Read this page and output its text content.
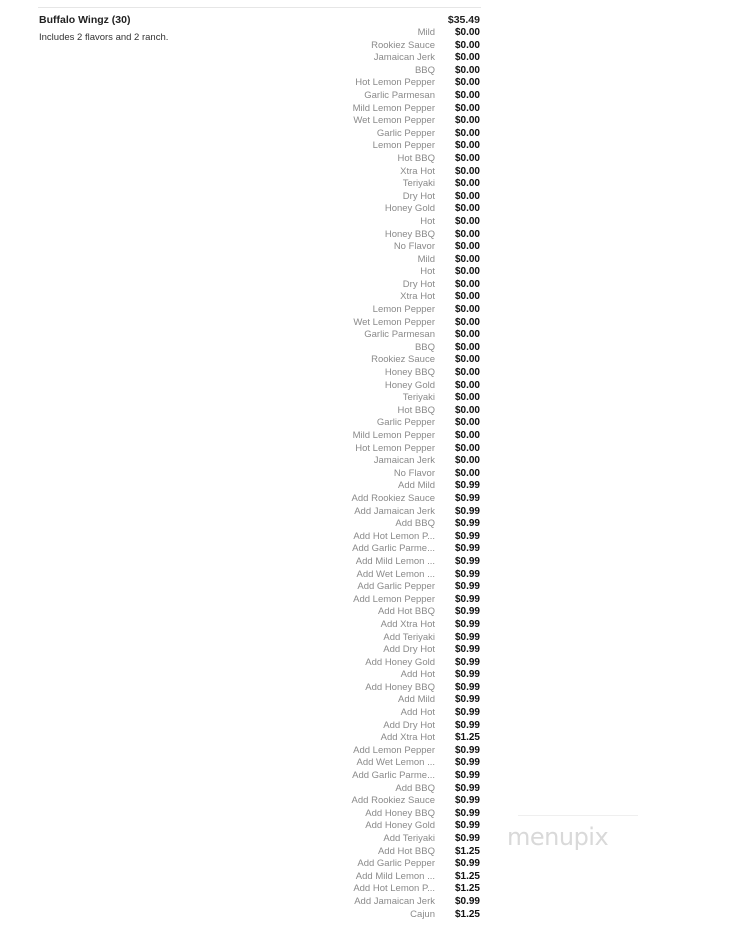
Buffalo Wingz (30)	$35.49
Includes 2 flavors and 2 ranch.	Mild	$0.00
Rookiez Sauce	$0.00
Jamaican Jerk	$0.00
BBQ	$0.00
Hot Lemon Pepper	$0.00
Garlic Parmesan	$0.00
Mild Lemon Pepper	$0.00
Wet Lemon Pepper	$0.00
Garlic Pepper	$0.00
Lemon Pepper	$0.00
Hot BBQ	$0.00
Xtra Hot	$0.00
Teriyaki	$0.00
Dry Hot	$0.00
Honey Gold	$0.00
Hot	$0.00
Honey BBQ	$0.00
No Flavor	$0.00
Mild	$0.00
Hot	$0.00
Dry Hot	$0.00
Xtra Hot	$0.00
Lemon Pepper	$0.00
Wet Lemon Pepper	$0.00
Garlic Parmesan	$0.00
BBQ	$0.00
Rookiez Sauce	$0.00
Honey BBQ	$0.00
Honey Gold	$0.00
Teriyaki	$0.00
Hot BBQ	$0.00
Garlic Pepper	$0.00
Mild Lemon Pepper	$0.00
Hot Lemon Pepper	$0.00
Jamaican Jerk	$0.00
No Flavor	$0.00
Add Mild	$0.99
Add Rookiez Sauce	$0.99
Add Jamaican Jerk	$0.99
Add BBQ	$0.99
Add Hot Lemon P...	$0.99
Add Garlic Parme...	$0.99
Add Mild Lemon ...	$0.99
Add Wet Lemon ...	$0.99
Add Garlic Pepper	$0.99
Add Lemon Pepper	$0.99
Add Hot BBQ	$0.99
Add Xtra Hot	$0.99
Add Teriyaki	$0.99
Add Dry Hot	$0.99
Add Honey Gold	$0.99
Add Hot	$0.99
Add Honey BBQ	$0.99
Add Mild	$0.99
Add Hot	$0.99
Add Dry Hot	$0.99
Add Xtra Hot	$1.25
Add Lemon Pepper	$0.99
Add Wet Lemon ...	$0.99
Add Garlic Parme...	$0.99
Add BBQ	$0.99
Add Rookiez Sauce	$0.99
Add Honey BBQ	$0.99
Add Honey Gold	$0.99
Add Teriyaki	$0.99
Add Hot BBQ	$1.25
Add Garlic Pepper	$0.99
Add Mild Lemon ...	$1.25
Add Hot Lemon P...	$1.25
Add Jamaican Jerk	$0.99
Cajun	$1.25
menupix
